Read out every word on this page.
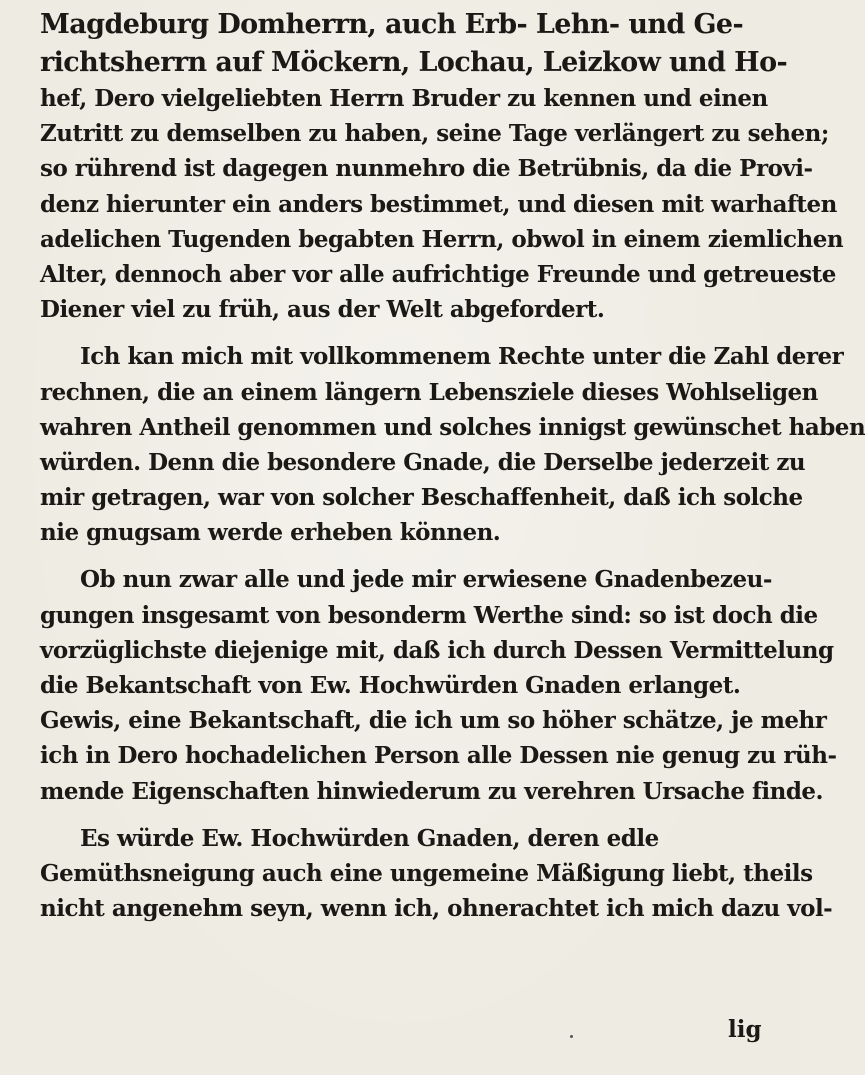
Magdeburg Domherrn, auch Erb- Lehn- und Ge-
richtsherrn auf Möckern, Lochau, Leizkow und Ho-
hef, Dero vielgeliebten Herrn Bruder zu kennen und einen
Zutritt zu demselben zu haben, seine Tage verlängert zu sehen;
so rührend ist dagegen nunmehro die Betrübnis, da die Provi-
denz hierunter ein anders bestimmet, und diesen mit warhaften
adelichen Tugenden begabten Herrn, obwol in einem ziemlichen
Alter, dennoch aber vor alle aufrichtige Freunde und getreueste
Diener viel zu früh, aus der Welt abgefordert.
Ich kan mich mit vollkommenem Rechte unter die Zahl derer
rechnen, die an einem längern Lebensziele dieses Wohlseligen
wahren Antheil genommen und solches innigst gewünschet haben
würden. Denn die besondere Gnade, die Derselbe jederzeit zu
mir getragen, war von solcher Beschaffenheit, daß ich solche
nie gnugsam werde erheben können.
Ob nun zwar alle und jede mir erwiesene Gnadenbezeu-
gungen insgesamt von besonderm Werthe sind: so ist doch die
vorzüglichste diejenige mit, daß ich durch Dessen Vermittelung
die Bekantschaft von Ew. Hochwürden Gnaden erlanget.
Gewis, eine Bekantschaft, die ich um so höher schätze, je mehr
ich in Dero hochadelichen Person alle Dessen nie genug zu rüh-
mende Eigenschaften hinwiederum zu verehren Ursache finde.
Es würde Ew. Hochwürden Gnaden, deren edle
Gemüthsneigung auch eine ungemeine Mäßigung liebt, theils
nicht angenehm seyn, wenn ich, ohnerachtet ich mich dazu vol-
lig
